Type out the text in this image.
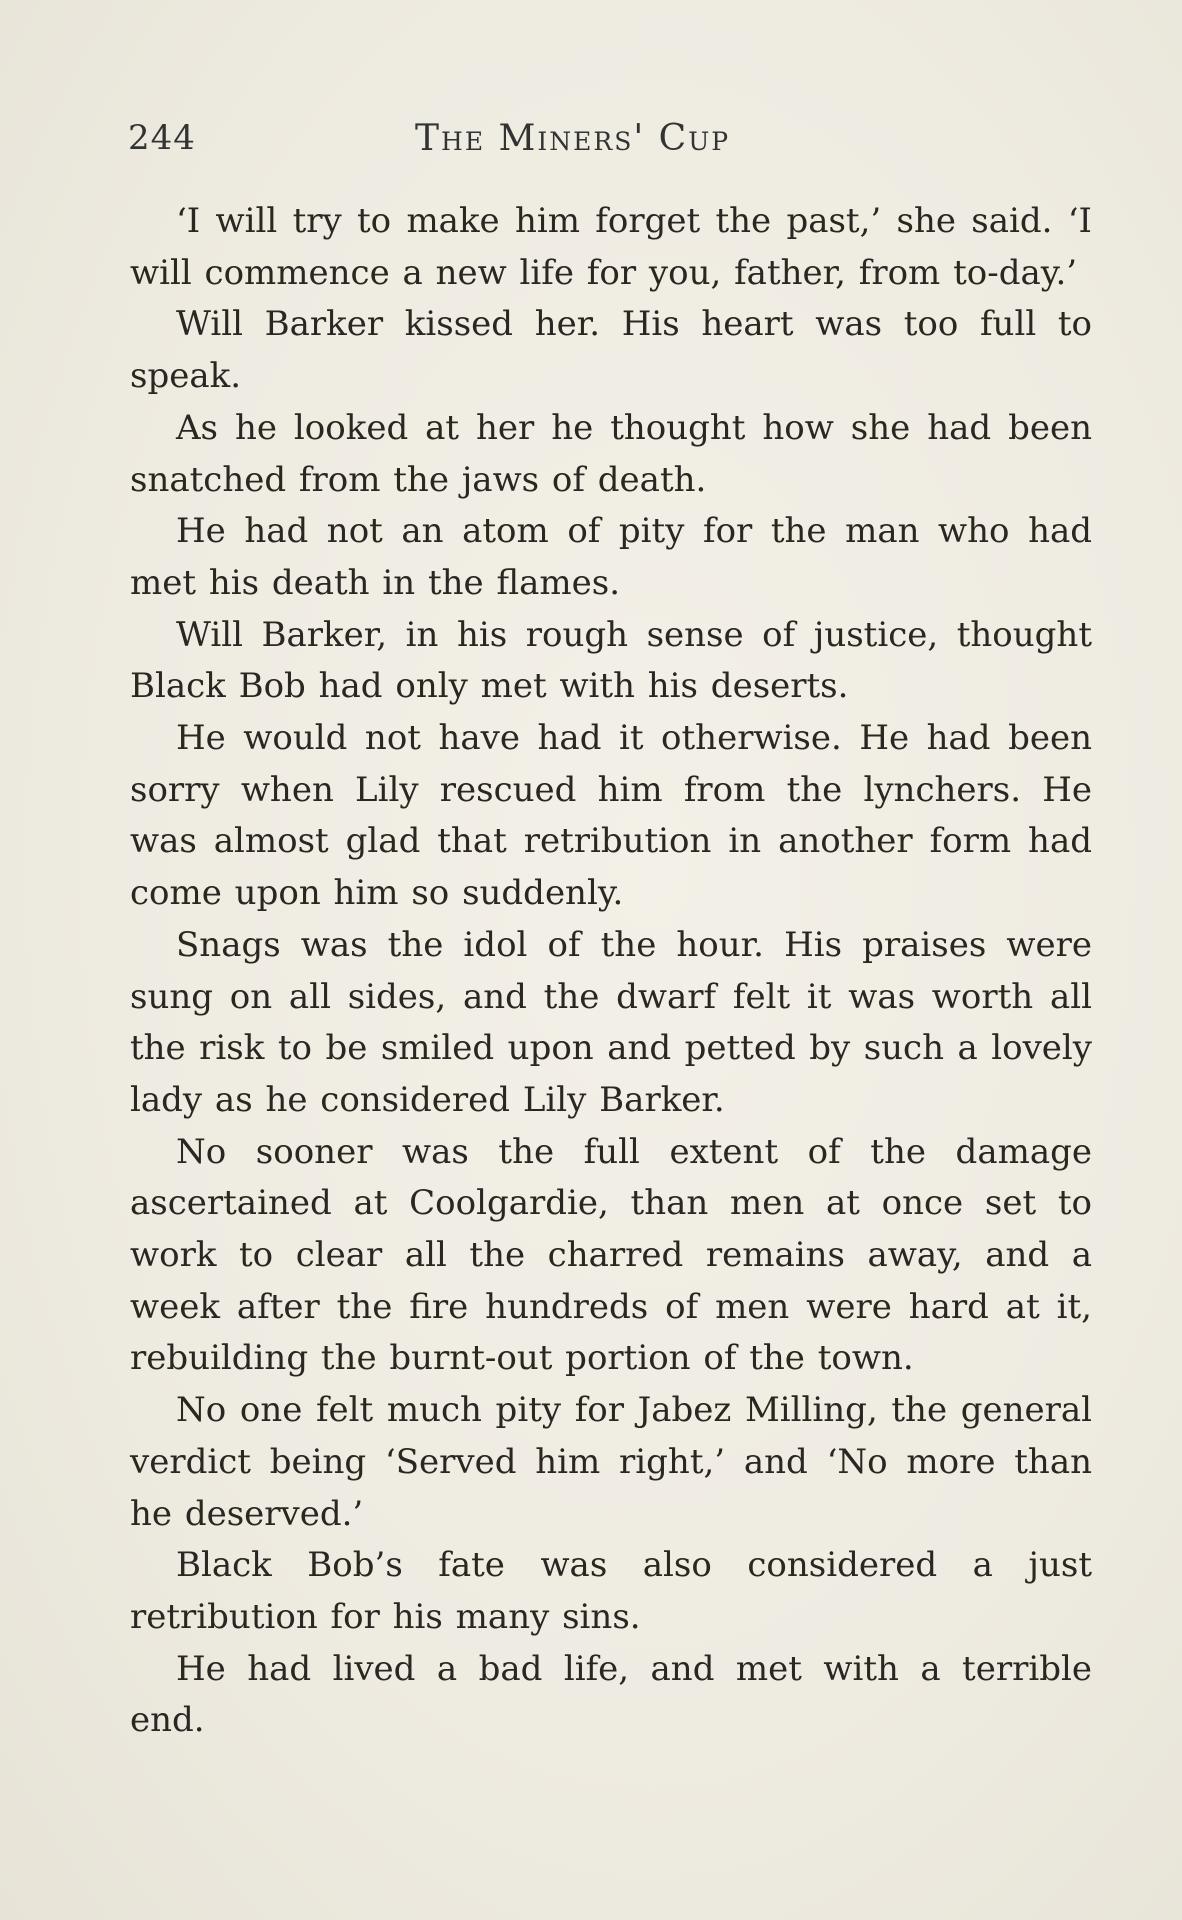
244	The Miners' Cup

‘I will try to make him forget the past,’ she said. ‘I will commence a new life for you, father, from to-day.’

Will Barker kissed her. His heart was too full to speak.

As he looked at her he thought how she had been snatched from the jaws of death.

He had not an atom of pity for the man who had met his death in the flames.

Will Barker, in his rough sense of justice, thought Black Bob had only met with his deserts.

He would not have had it otherwise. He had been sorry when Lily rescued him from the lynchers. He was almost glad that retribution in another form had come upon him so suddenly.

Snags was the idol of the hour. His praises were sung on all sides, and the dwarf felt it was worth all the risk to be smiled upon and petted by such a lovely lady as he considered Lily Barker.

No sooner was the full extent of the damage ascertained at Coolgardie, than men at once set to work to clear all the charred remains away, and a week after the fire hundreds of men were hard at it, rebuilding the burnt-out portion of the town.

No one felt much pity for Jabez Milling, the general verdict being ‘Served him right,’ and ‘No more than he deserved.’

Black Bob’s fate was also considered a just retribution for his many sins.

He had lived a bad life, and met with a terrible end.
